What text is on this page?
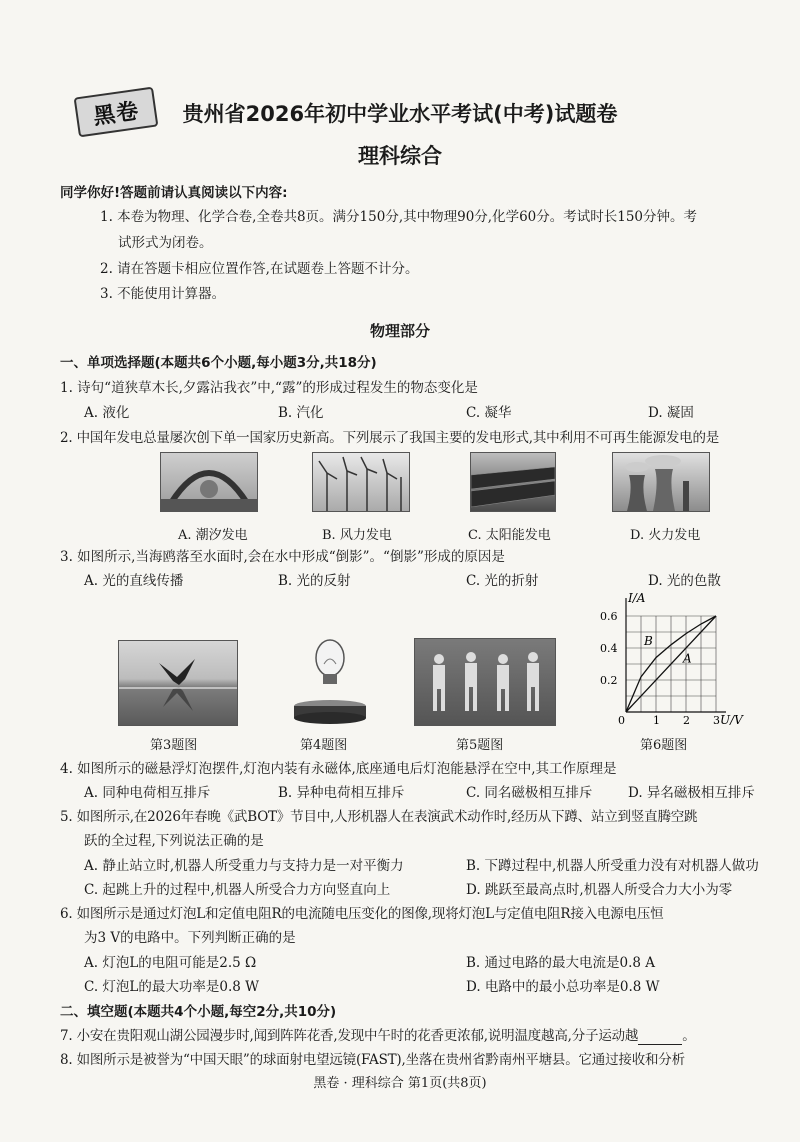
黑卷	贵州省2026年初中学业水平考试(中考)试题卷
理科综合
同学你好!答题前请认真阅读以下内容:
1. 本卷为物理、化学合卷,全卷共8页。满分150分,其中物理90分,化学60分。考试时长150分钟。考
试形式为闭卷。
2. 请在答题卡相应位置作答,在试题卷上答题不计分。
3. 不能使用计算器。
物理部分
一、单项选择题(本题共6个小题,每小题3分,共18分)
1. 诗句“道狭草木长,夕露沾我衣”中,“露”的形成过程发生的物态变化是
A. 液化	B. 汽化	C. 凝华	D. 凝固
2. 中国年发电总量屡次创下单一国家历史新高。下列展示了我国主要的发电形式,其中利用不可再生能源发电的是
A. 潮汐发电	B. 风力发电	C. 太阳能发电	D. 火力发电
3. 如图所示,当海鸥落至水面时,会在水中形成“倒影”。“倒影”形成的原因是
A. 光的直线传播	B. 光的反射	C. 光的折射	D. 光的色散
I/A
U/V
0	1 2 3
0.2
0.4
0.6
A
B
第3题图	第4题图	第5题图	第6题图
4. 如图所示的磁悬浮灯泡摆件,灯泡内装有永磁体,底座通电后灯泡能悬浮在空中,其工作原理是
A. 同种电荷相互排斥	B. 异种电荷相互排斥	C. 同名磁极相互排斥	D. 异名磁极相互排斥
5. 如图所示,在2026年春晚《武BOT》节目中,人形机器人在表演武术动作时,经历从下蹲、站立到竖直腾空跳
跃的全过程,下列说法正确的是
A. 静止站立时,机器人所受重力与支持力是一对平衡力	B. 下蹲过程中,机器人所受重力没有对机器人做功
C. 起跳上升的过程中,机器人所受合力方向竖直向上	D. 跳跃至最高点时,机器人所受合力大小为零
6. 如图所示是通过灯泡L和定值电阻R的电流随电压变化的图像,现将灯泡L与定值电阻R接入电源电压恒
为3 V的电路中。下列判断正确的是
A. 灯泡L的电阻可能是2.5 Ω	B. 通过电路的最大电流是0.8 A
C. 灯泡L的最大功率是0.8 W	D. 电路中的最小总功率是0.8 W
二、填空题(本题共4个小题,每空2分,共10分)
7. 小安在贵阳观山湖公园漫步时,闻到阵阵花香,发现中午时的花香更浓郁,说明温度越高,分子运动越	。
8. 如图所示是被誉为“中国天眼”的球面射电望远镜(FAST),坐落在贵州省黔南州平塘县。它通过接收和分析
黑卷 · 理科综合 第1页(共8页)
